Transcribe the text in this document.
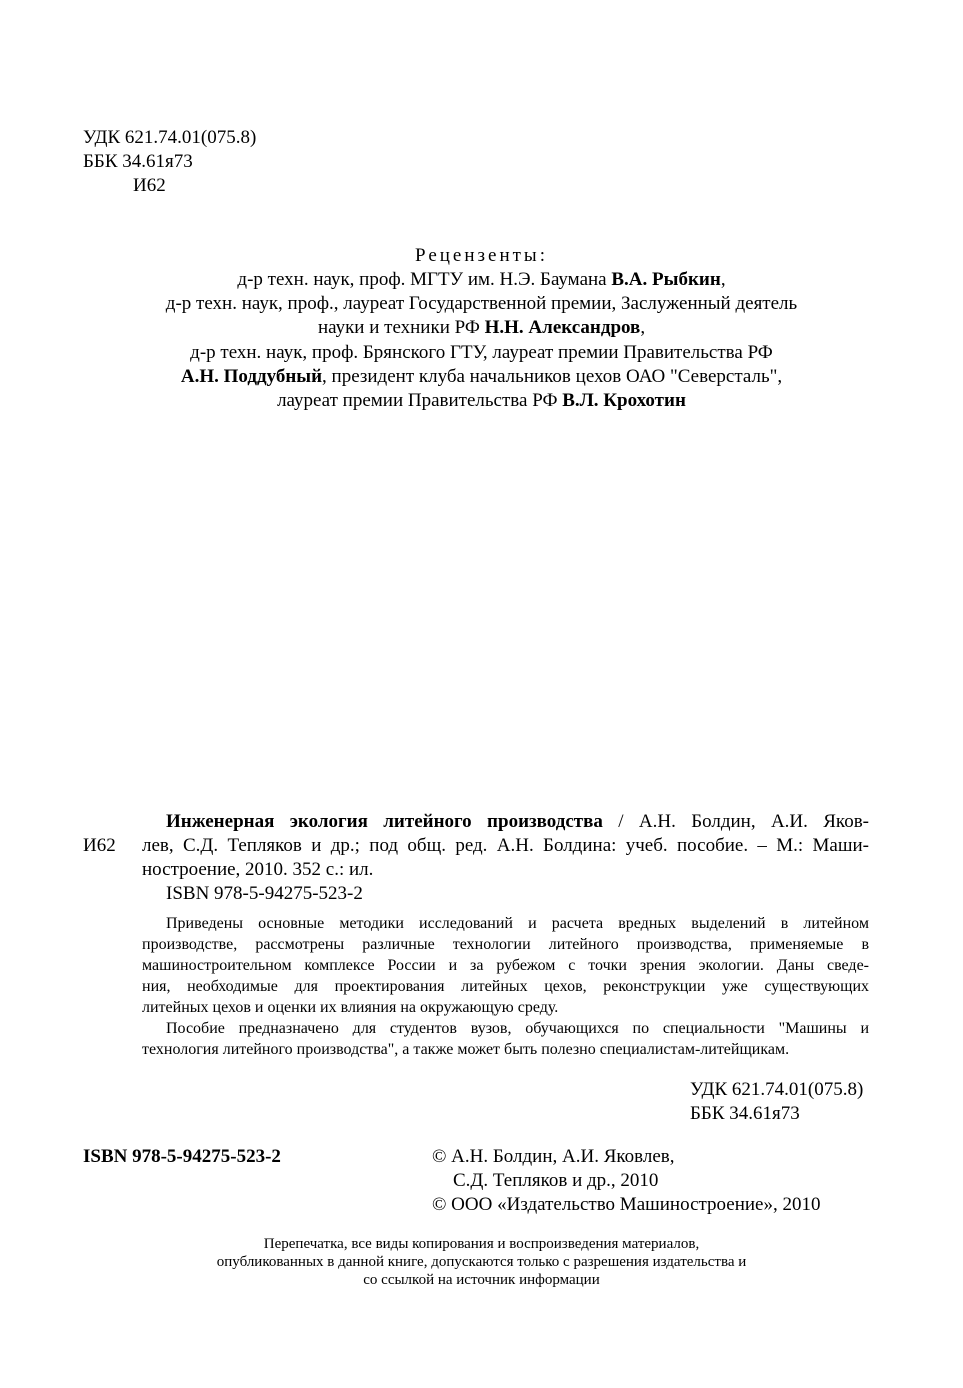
УДК 621.74.01(075.8)
ББК 34.61я73
И62
Рецензенты:
д-р техн. наук, проф. МГТУ им. Н.Э. Баумана В.А. Рыбкин,
д-р техн. наук, проф., лауреат Государственной премии, Заслуженный деятель
науки и техники РФ Н.Н. Александров,
д-р техн. наук, проф. Брянского ГТУ, лауреат премии Правительства РФ
А.Н. Поддубный, президент клуба начальников цехов ОАО "Северсталь",
лауреат премии Правительства РФ В.Л. Крохотин
И62
Инженерная экология литейного производства / А.Н. Болдин, А.И. Яков-
лев, С.Д. Тепляков и др.; под общ. ред. А.Н. Болдина: учеб. пособие. – М.: Маши-
ностроение, 2010. 352 с.: ил.
ISBN 978-5-94275-523-2
Приведены основные методики исследований и расчета вредных выделений в литейном
производстве, рассмотрены различные технологии литейного производства, применяемые в
машиностроительном комплексе России и за рубежом с точки зрения экологии. Даны сведе-
ния, необходимые для проектирования литейных цехов, реконструкции уже существующих
литейных цехов и оценки их влияния на окружающую среду.
Пособие предназначено для студентов вузов, обучающихся по специальности "Машины и
технология литейного производства", а также может быть полезно специалистам-литейщикам.
УДК 621.74.01(075.8)
ББК 34.61я73
ISBN 978-5-94275-523-2	© А.Н. Болдин, А.И. Яковлев,
С.Д. Тепляков и др., 2010
© ООО «Издательство Машиностроение», 2010
Перепечатка, все виды копирования и воспроизведения материалов,
опубликованных в данной книге, допускаются только с разрешения издательства и
со ссылкой на источник информации
